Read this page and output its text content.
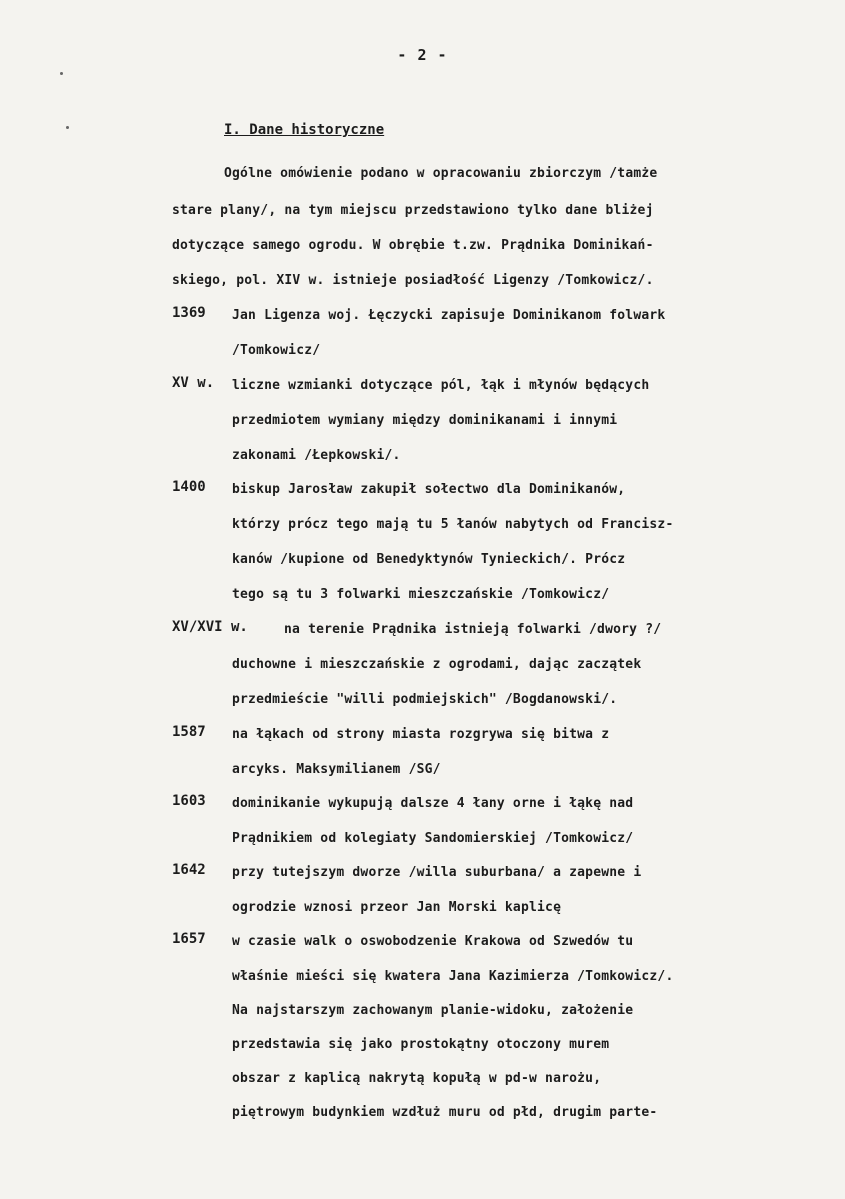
- 2 -
I. Dane historyczne
Ogólne omówienie podano w opracowaniu zbiorczym /tamże
stare plany/, na tym miejscu przedstawiono tylko dane bliżej
dotyczące samego ogrodu. W obrębie t.zw. Prądnika Dominikań-
skiego, pol. XIV w. istnieje posiadłość Ligenzy /Tomkowicz/.
1369 Jan Ligenza woj. Łęczycki zapisuje Dominikanom folwark
/Tomkowicz/
XV w. liczne wzmianki dotyczące pól, łąk i młynów będących
przedmiotem wymiany między dominikanami i innymi
zakonami /Łepkowski/.
1400 biskup Jarosław zakupił sołectwo dla Dominikanów,
którzy prócz tego mają tu 5 łanów nabytych od Francisz-
kanów /kupione od Benedyktynów Tynieckich/. Prócz
tego są tu 3 folwarki mieszczańskie /Tomkowicz/
XV/XVI w.	na terenie Prądnika istnieją folwarki /dwory ?/
duchowne i mieszczańskie z ogrodami, dając zaczątek
przedmieście "willi podmiejskich" /Bogdanowski/.
1587 na łąkach od strony miasta rozgrywa się bitwa z
arcyks. Maksymilianem /SG/
1603 dominikanie wykupują dalsze 4 łany orne i łąkę nad
Prądnikiem od kolegiaty Sandomierskiej /Tomkowicz/
1642 przy tutejszym dworze /willa suburbana/ a zapewne i
ogrodzie wznosi przeor Jan Morski kaplicę
1657 w czasie walk o oswobodzenie Krakowa od Szwedów tu
właśnie mieści się kwatera Jana Kazimierza /Tomkowicz/.
Na najstarszym zachowanym planie-widoku, założenie
przedstawia się jako prostokątny otoczony murem
obszar z kaplicą nakrytą kopułą w pd-w narożu,
piętrowym budynkiem wzdłuż muru od płd, drugim parte-
